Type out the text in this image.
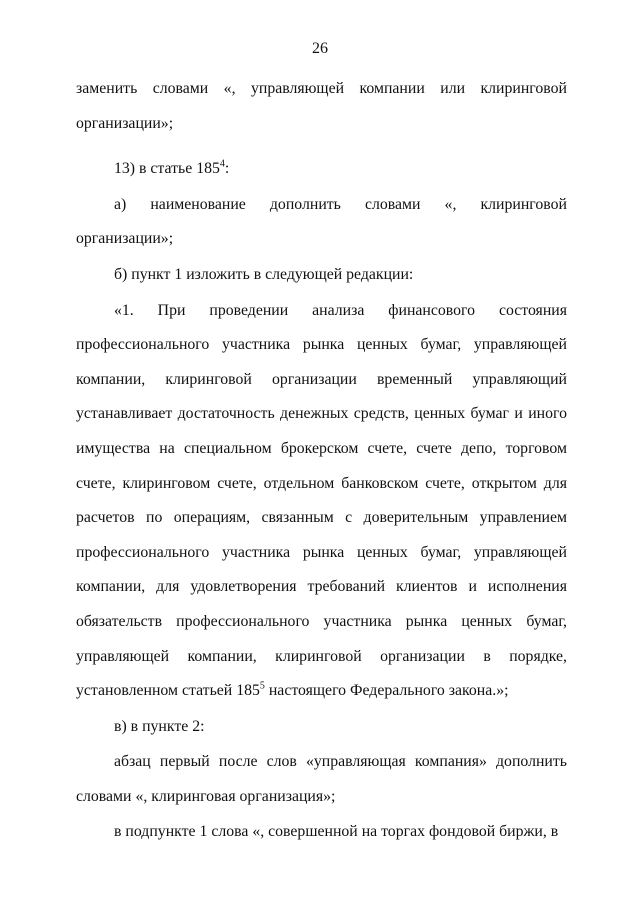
26

заменить словами «, управляющей компании или клиринговой организации»;

13) в статье $185^4$:

а) наименование дополнить словами «, клиринговой организации»;

б) пункт 1 изложить в следующей редакции:

«1. При проведении анализа финансового состояния профессионального участника рынка ценных бумаг, управляющей компании, клиринговой организации временный управляющий устанавливает достаточность денежных средств, ценных бумаг и иного имущества на специальном брокерском счете, счете депо, торговом счете, клиринговом счете, отдельном банковском счете, открытом для расчетов по операциям, связанным с доверительным управлением профессионального участника рынка ценных бумаг, управляющей компании, для удовлетворения требований клиентов и исполнения обязательств профессионального участника рынка ценных бумаг, управляющей компании, клиринговой организации в порядке, установленном статьей $185^5$ настоящего Федерального закона.»;

в) в пункте 2:

абзац первый после слов «управляющая компания» дополнить словами «, клиринговая организация»;

в подпункте 1 слова «, совершенной на торгах фондовой биржи, в
